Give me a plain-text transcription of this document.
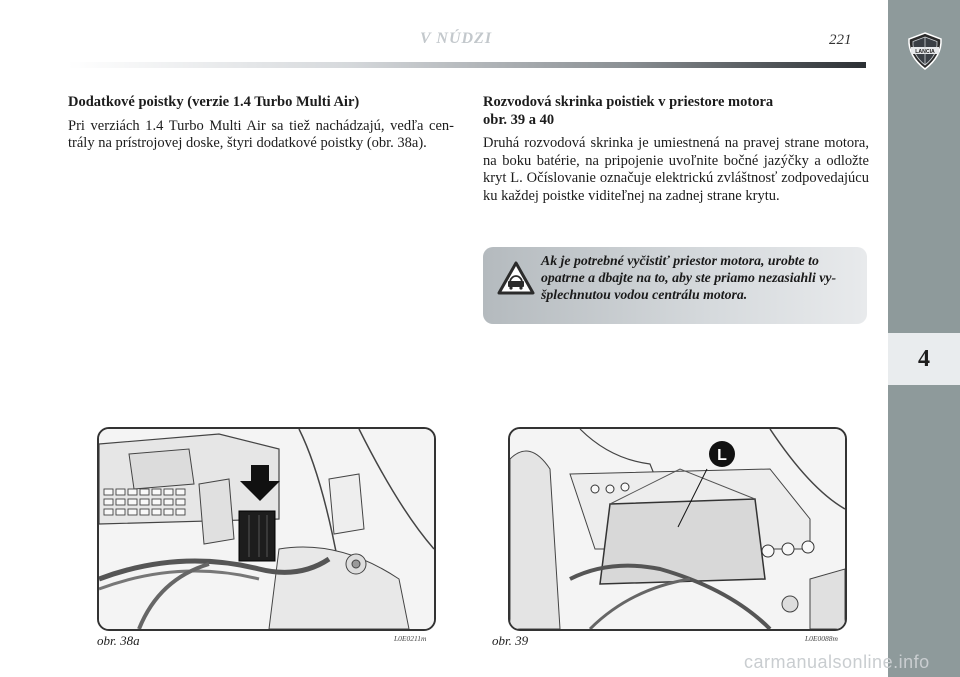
V NÚDZI	221
LANCIA
4
Dodatkové poistky (verzie 1.4 Turbo Multi Air)

Pri verziách 1.4 Turbo Multi Air sa tiež nachádzajú, vedľa centrály na prístrojovej doske, štyri dodatkové poistky (obr. 38a).

Rozvodová skrinka poistiek v priestore motora
obr. 39 a 40

Druhá rozvodová skrinka je umiestnená na pravej strane motora, na boku batérie, na pripojenie uvoľnite bočné jazýčky a odložte kryt L. Očíslovanie označuje elektrickú zvláštnosť zodpovedajúcu ku každej poistke viditeľnej na zadnej strane krytu.

Ak je potrebné vyčistiť priestor motora, urobte to opatrne a dbajte na to, aby ste priamo nezasiahli vyšplechnutou vodou centrálu motora.
obr. 38a	L0E0211m
L
obr. 39	L0E0088m
carmanualsonline.info
